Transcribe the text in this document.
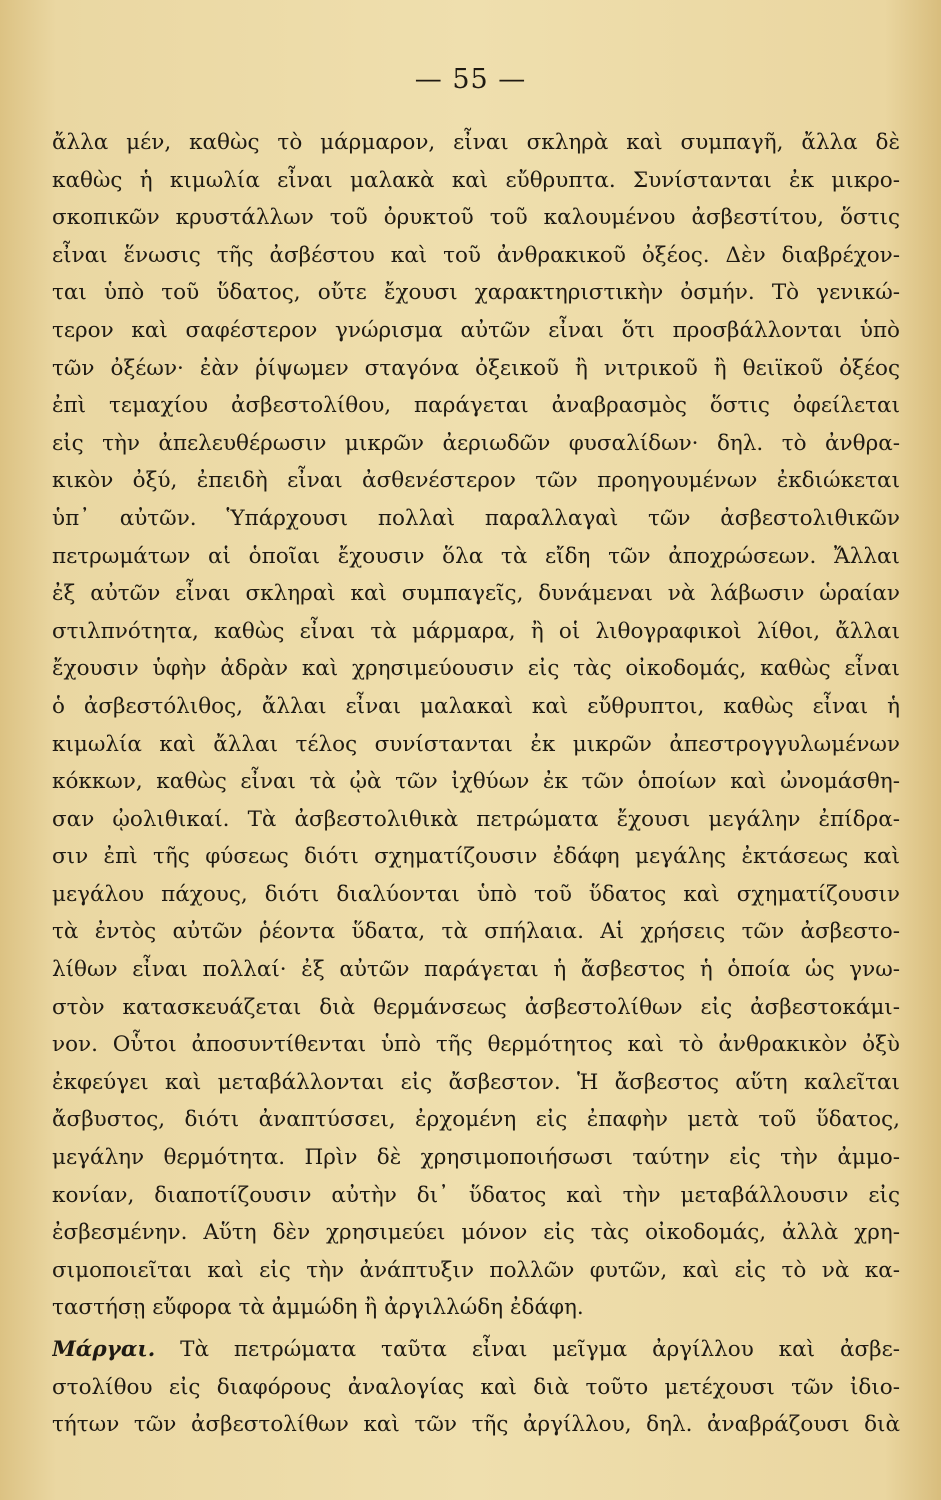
— 55 —
ἄλλα μέν, καθὼς τὸ μάρμαρον, εἶναι σκληρὰ καὶ συμπαγῆ, ἄλλα δὲ
καθὼς ἡ κιμωλία εἶναι μαλακὰ καὶ εὔθρυπτα. Συνίστανται ἐκ μικρο-
σκοπικῶν κρυστάλλων τοῦ ὀρυκτοῦ τοῦ καλουμένου ἀσβεστίτου, ὅστις
εἶναι ἕνωσις τῆς ἀσβέστου καὶ τοῦ ἀνθρακικοῦ ὀξέος. Δὲν διαβρέχον-
ται ὑπὸ τοῦ ὕδατος, οὔτε ἔχουσι χαρακτηριστικὴν ὀσμήν. Τὸ γενικώ-
τερον καὶ σαφέστερον γνώρισμα αὐτῶν εἶναι ὅτι προσβάλλονται ὑπὸ
τῶν ὀξέων· ἐὰν ῥίψωμεν σταγόνα ὀξεικοῦ ἢ νιτρικοῦ ἢ θειϊκοῦ ὀξέος
ἐπὶ τεμαχίου ἀσβεστολίθου, παράγεται ἀναβρασμὸς ὅστις ὀφείλεται
εἰς τὴν ἀπελευθέρωσιν μικρῶν ἀεριωδῶν φυσαλίδων· δηλ. τὸ ἀνθρα-
κικὸν ὀξύ, ἐπειδὴ εἶναι ἀσθενέστερον τῶν προηγουμένων ἐκδιώκεται
ὑπ᾽ αὐτῶν. Ὑπάρχουσι πολλαὶ παραλλαγαὶ τῶν ἀσβεστολιθικῶν
πετρωμάτων αἱ ὁποῖαι ἔχουσιν ὅλα τὰ εἴδη τῶν ἀποχρώσεων. Ἄλλαι
ἐξ αὐτῶν εἶναι σκληραὶ καὶ συμπαγεῖς, δυνάμεναι νὰ λάβωσιν ὡραίαν
στιλπνότητα, καθὼς εἶναι τὰ μάρμαρα, ἢ οἱ λιθογραφικοὶ λίθοι, ἄλλαι
ἔχουσιν ὑφὴν ἀδρὰν καὶ χρησιμεύουσιν εἰς τὰς οἰκοδομάς, καθὼς εἶναι
ὁ ἀσβεστόλιθος, ἄλλαι εἶναι μαλακαὶ καὶ εὔθρυπτοι, καθὼς εἶναι ἡ
κιμωλία καὶ ἄλλαι τέλος συνίστανται ἐκ μικρῶν ἀπεστρογγυλωμένων
κόκκων, καθὼς εἶναι τὰ ᾠὰ τῶν ἰχθύων ἐκ τῶν ὁποίων καὶ ὠνομάσθη-
σαν ᾠολιθικαί. Τὰ ἀσβεστολιθικὰ πετρώματα ἔχουσι μεγάλην ἐπίδρα-
σιν ἐπὶ τῆς φύσεως διότι σχηματίζουσιν ἐδάφη μεγάλης ἐκτάσεως καὶ
μεγάλου πάχους, διότι διαλύονται ὑπὸ τοῦ ὕδατος καὶ σχηματίζουσιν
τὰ ἐντὸς αὐτῶν ῥέοντα ὕδατα, τὰ σπήλαια. Αἱ χρήσεις τῶν ἀσβεστο-
λίθων εἶναι πολλαί· ἐξ αὐτῶν παράγεται ἡ ἄσβεστος ἡ ὁποία ὡς γνω-
στὸν κατασκευάζεται διὰ θερμάνσεως ἀσβεστολίθων εἰς ἀσβεστοκάμι-
νον. Οὗτοι ἀποσυντίθενται ὑπὸ τῆς θερμότητος καὶ τὸ ἀνθρακικὸν ὀξὺ
ἐκφεύγει καὶ μεταβάλλονται εἰς ἄσβεστον. Ἡ ἄσβεστος αὕτη καλεῖται
ἄσβυστος, διότι ἀναπτύσσει, ἐρχομένη εἰς ἐπαφὴν μετὰ τοῦ ὕδατος,
μεγάλην θερμότητα. Πρὶν δὲ χρησιμοποιήσωσι ταύτην εἰς τὴν ἀμμο-
κονίαν, διαποτίζουσιν αὐτὴν δι᾽ ὕδατος καὶ τὴν μεταβάλλουσιν εἰς
ἐσβεσμένην. Αὕτη δὲν χρησιμεύει μόνον εἰς τὰς οἰκοδομάς, ἀλλὰ χρη-
σιμοποιεῖται καὶ εἰς τὴν ἀνάπτυξιν πολλῶν φυτῶν, καὶ εἰς τὸ νὰ κα-
ταστήσῃ εὔφορα τὰ ἀμμώδη ἢ ἀργιλλώδη ἐδάφη.
Μάργαι. Τὰ πετρώματα ταῦτα εἶναι μεῖγμα ἀργίλλου καὶ ἀσβε-
στολίθου εἰς διαφόρους ἀναλογίας καὶ διὰ τοῦτο μετέχουσι τῶν ἰδιο-
τήτων τῶν ἀσβεστολίθων καὶ τῶν τῆς ἀργίλλου, δηλ. ἀναβράζουσι διὰ
